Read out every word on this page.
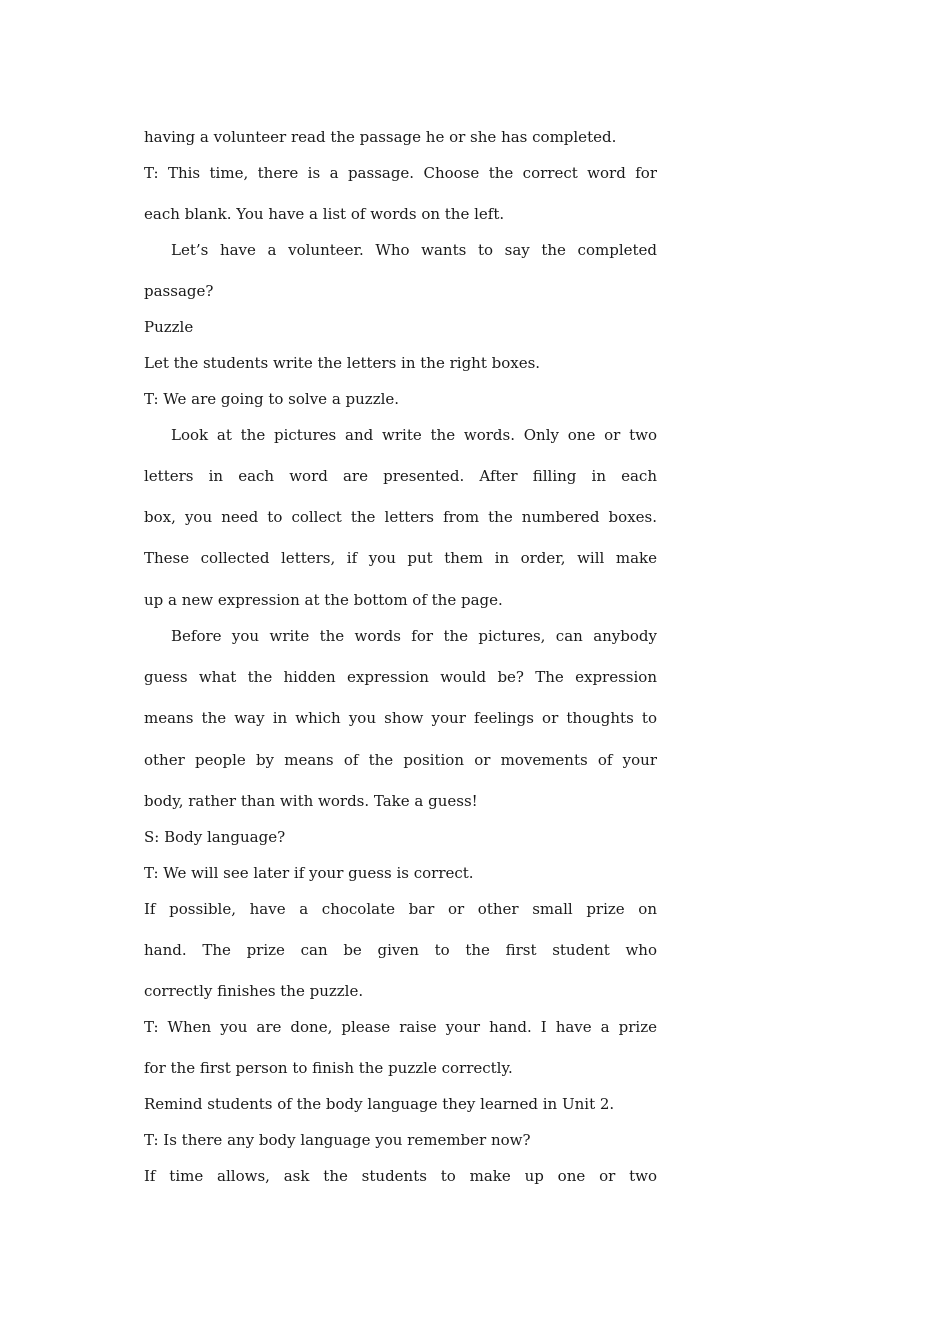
having a volunteer read the passage he or she has completed.
T: This time, there is a passage. Choose the correct word for
each blank. You have a list of words on the left.
Let’s have a volunteer. Who wants to say the completed
passage?
Puzzle
Let the students write the letters in the right boxes.
T: We are going to solve a puzzle.
Look at the pictures and write the words. Only one or two
letters in each word are presented. After filling in each
box, you need to collect the letters from the numbered boxes.
These collected letters, if you put them in order, will make
up a new expression at the bottom of the page.
Before you write the words for the pictures, can anybody
guess what the hidden expression would be? The expression
means the way in which you show your feelings or thoughts to
other people by means of the position or movements of your
body, rather than with words. Take a guess!
S: Body language?
T: We will see later if your guess is correct.
If possible, have a chocolate bar or other small prize on
hand. The prize can be given to the first student who
correctly finishes the puzzle.
T: When you are done, please raise your hand. I have a prize
for the first person to finish the puzzle correctly.
Remind students of the body language they learned in Unit 2.
T: Is there any body language you remember now?
If time allows, ask the students to make up one or two
